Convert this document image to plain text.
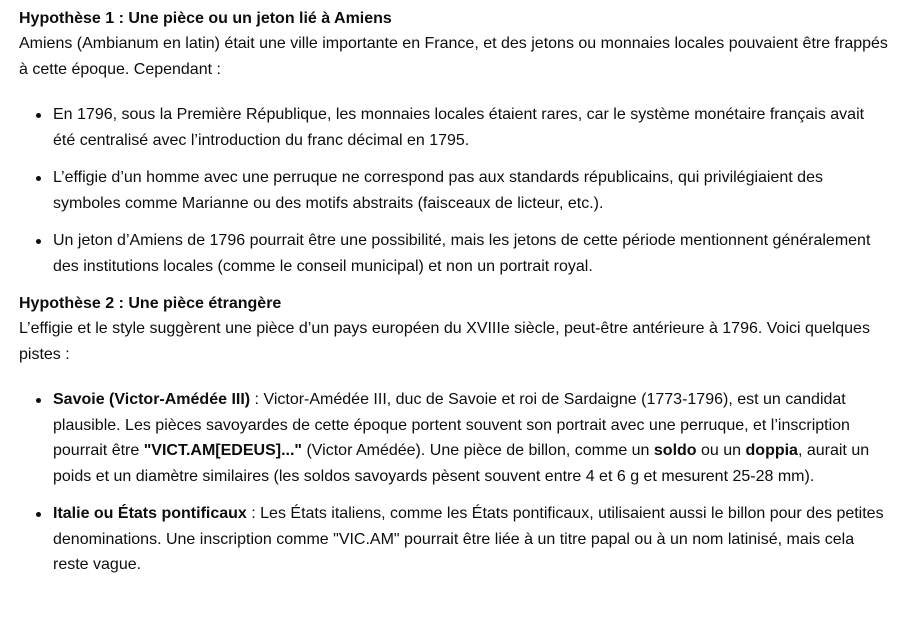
Hypothèse 1 : Une pièce ou un jeton lié à Amiens

Amiens (Ambianum en latin) était une ville importante en France, et des jetons ou monnaies locales pouvaient être frappés à cette époque. Cependant :

En 1796, sous la Première République, les monnaies locales étaient rares, car le système monétaire français avait été centralisé avec l’introduction du franc décimal en 1795.
L’effigie d’un homme avec une perruque ne correspond pas aux standards républicains, qui privilégiaient des symboles comme Marianne ou des motifs abstraits (faisceaux de licteur, etc.).
Un jeton d’Amiens de 1796 pourrait être une possibilité, mais les jetons de cette période mentionnent généralement des institutions locales (comme le conseil municipal) et non un portrait royal.

Hypothèse 2 : Une pièce étrangère

L’effigie et le style suggèrent une pièce d’un pays européen du XVIIIe siècle, peut-être antérieure à 1796. Voici quelques pistes :

Savoie (Victor-Amédée III) : Victor-Amédée III, duc de Savoie et roi de Sardaigne (1773-1796), est un candidat plausible. Les pièces savoyardes de cette époque portent souvent son portrait avec une perruque, et l’inscription pourrait être "VICT.AM[EDEUS]..." (Victor Amédée). Une pièce de billon, comme un soldo ou un doppia, aurait un poids et un diamètre similaires (les soldos savoyards pèsent souvent entre 4 et 6 g et mesurent 25-28 mm).
Italie ou États pontificaux : Les États italiens, comme les États pontificaux, utilisaient aussi le billon pour des petites denominations. Une inscription comme "VIC.AM" pourrait être liée à un titre papal ou à un nom latinisé, mais cela reste vague.
